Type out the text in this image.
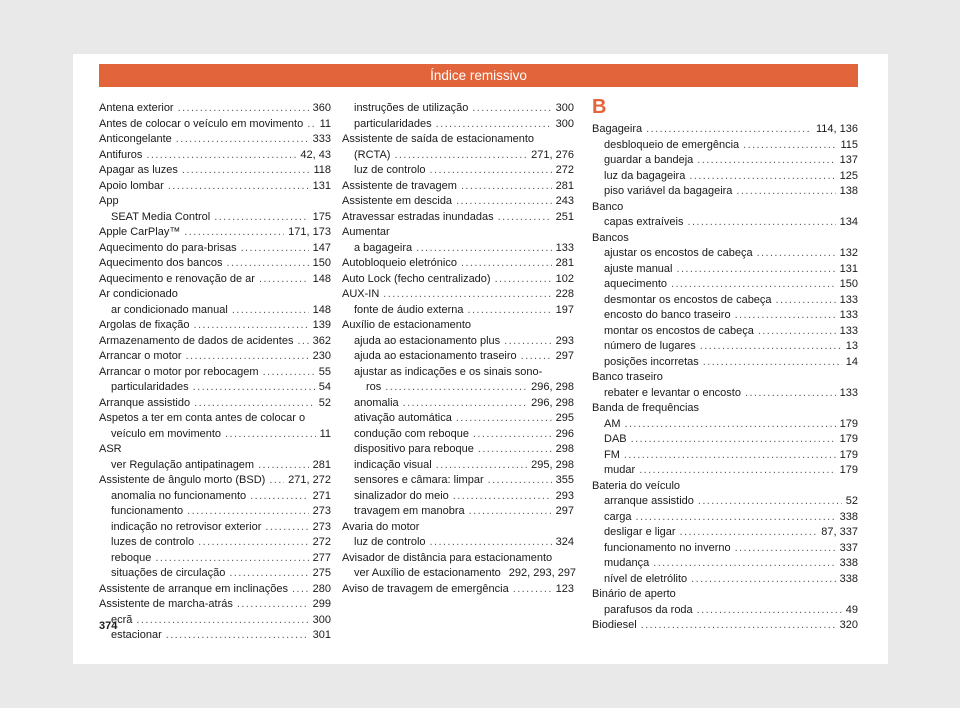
Índice remissivo
Antena exterior .....	360
Antes de colocar o veículo em movimento ..... 11
Anticongelante .....	333
Antifuros .....	42, 43
Apagar as luzes .....	118
Apoio lombar .....	131
App
SEAT Media Control .....	175
Apple CarPlay™ .....	171, 173
Aquecimento do para-brisas .....	147
Aquecimento dos bancos .....	150
Aquecimento e renovação de ar .....	148
Ar condicionado
ar condicionado manual .....	148
Argolas de fixação .....	139
Armazenamento de dados de acidentes ..... 362
Arrancar o motor .....	230
Arrancar o motor por rebocagem .....	55
particularidades .....	54
Arranque assistido .....	52
Aspetos a ter em conta antes de colocar o
veículo em movimento .....	11
ASR
ver Regulação antipatinagem .....	281
Assistente de ângulo morto (BSD) ..... 271, 272
anomalia no funcionamento .....	271
funcionamento .....	273
indicação no retrovisor exterior .....	273
luzes de controlo .....	272
reboque .....	277
situações de circulação .....	275
Assistente de arranque em inclinações ..... 280
Assistente de marcha-atrás .....	299
ecrã .....	300
estacionar .....	301
instruções de utilização .....	300
particularidades .....	300
Assistente de saída de estacionamento
(RCTA) .....	271, 276
luz de controlo .....	272
Assistente de travagem .....	281
Assistente em descida .....	243
Atravessar estradas inundadas .....	251
Aumentar
a bagageira .....	133
Autobloqueio eletrónico .....	281
Auto Lock (fecho centralizado) .....	102
AUX-IN .....	228
fonte de áudio externa .....	197
Auxílio de estacionamento
ajuda ao estacionamento plus .....	293
ajuda ao estacionamento traseiro .....	297
ajustar as indicações e os sinais sono-
ros .....	296, 298
anomalia .....	296, 298
ativação automática .....	295
condução com reboque .....	296
dispositivo para reboque .....	298
indicação visual .....	295, 298
sensores e câmara: limpar .....	355
sinalizador do meio .....	293
travagem em manobra .....	297
Avaria do motor
luz de controlo .....	324
Avisador de distância para estacionamento
ver Auxílio de estacionamento 292, 293, 297
Aviso de travagem de emergência .....	123
B
Bagageira .....	114, 136
desbloqueio de emergência .....	115
guardar a bandeja .....	137
luz da bagageira .....	125
piso variável da bagageira .....	138
Banco
capas extraíveis .....	134
Bancos
ajustar os encostos de cabeça .....	132
ajuste manual .....	131
aquecimento .....	150
desmontar os encostos de cabeça .....	133
encosto do banco traseiro .....	133
montar os encostos de cabeça .....	133
número de lugares .....	13
posições incorretas .....	14
Banco traseiro
rebater e levantar o encosto .....	133
Banda de frequências
AM .....	179
DAB .....	179
FM .....	179
mudar .....	179
Bateria do veículo
arranque assistido .....	52
carga .....	338
desligar e ligar .....	87, 337
funcionamento no inverno .....	337
mudança .....	338
nível de eletrólito .....	338
Binário de aperto
parafusos da roda .....	49
Biodiesel .....	320
374
